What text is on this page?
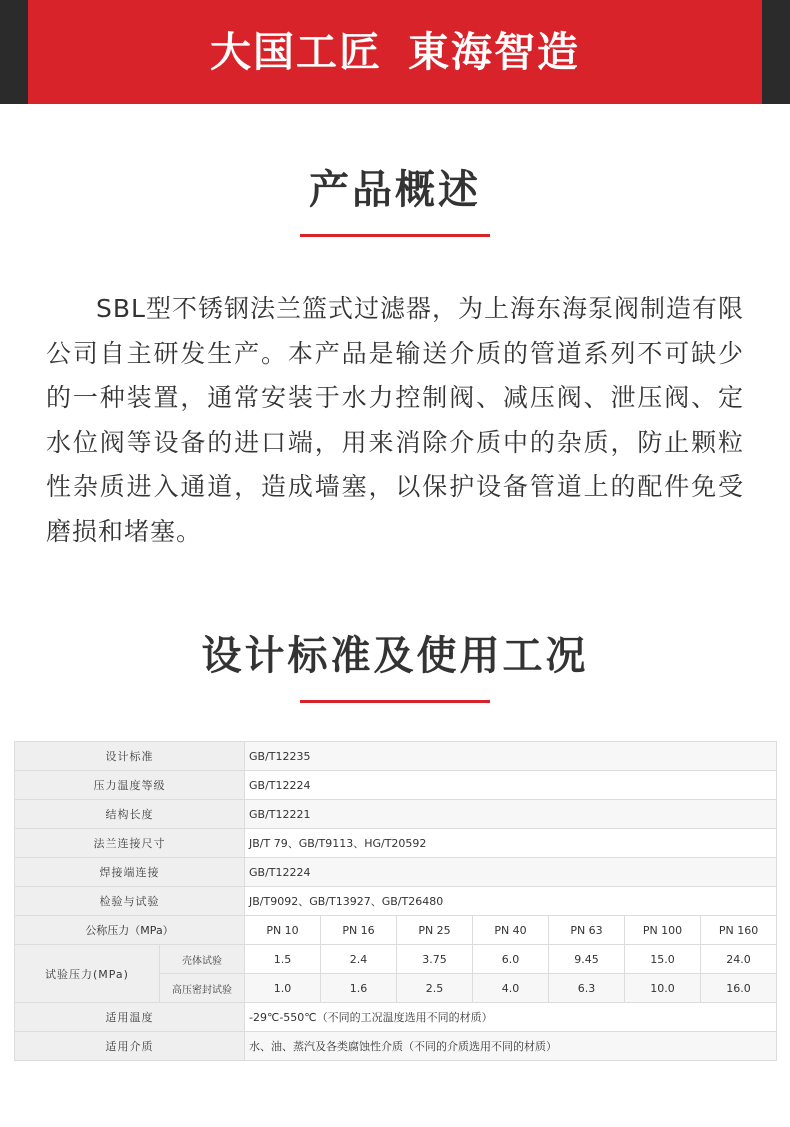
大国工匠 東海智造
产品概述

SBL型不锈钢法兰篮式过滤器，为上海东海泵阀制造有限公司自主研发生产。本产品是输送介质的管道系列不可缺少的一种装置，通常安装于水力控制阀、减压阀、泄压阀、定水位阀等设备的进口端，用来消除介质中的杂质，防止颗粒性杂质进入通道，造成墙塞，以保护设备管道上的配件免受磨损和堵塞。

设计标准及使用工况
设计标准		GB/T12235						
压力温度等级		GB/T12224						
结构长度		GB/T12221						
法兰连接尺寸		JB/T 79、GB/T9113、HG/T20592						
焊接端连接		GB/T12224						
检验与试验		JB/T9092、GB/T13927、GB/T26480						
公称压力（MPa）		PN 10	PN 16	PN 25	PN 40	PN 63	PN 100	PN 160
试验压力(MPa)	壳体试验	1.5	2.4	3.75	6.0	9.45	15.0	24.0
	高压密封试验	1.0	1.6	2.5	4.0	6.3	10.0	16.0
适用温度		-29℃-550℃（不同的工况温度选用不同的材质）						
适用介质		水、油、蒸汽及各类腐蚀性介质（不同的介质选用不同的材质）						
